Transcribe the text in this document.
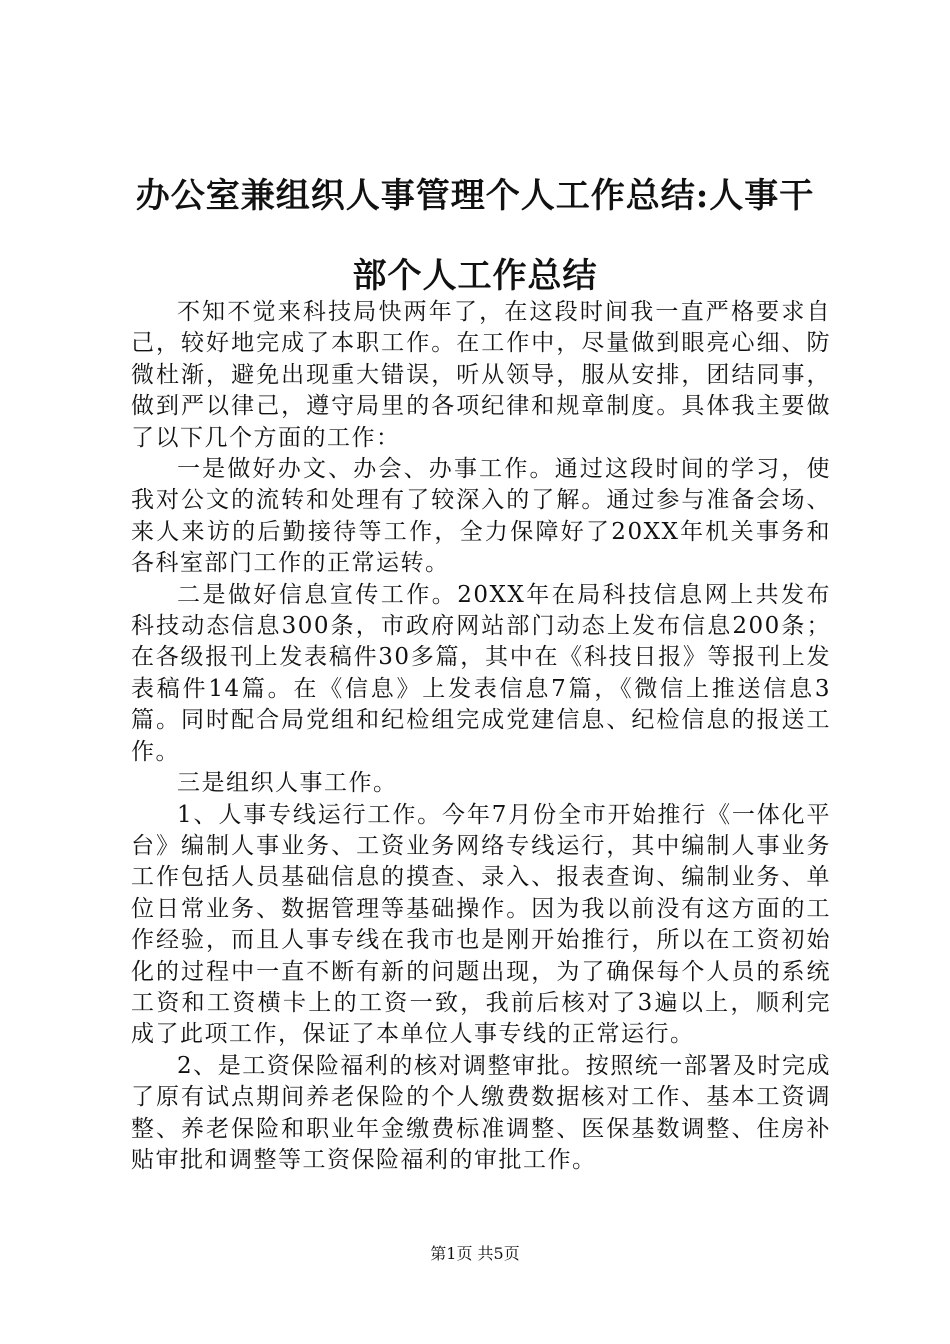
办公室兼组织人事管理个人工作总结:人事干部个人工作总结

不知不觉来科技局快两年了，在这段时间我一直严格要求自己，较好地完成了本职工作。在工作中，尽量做到眼亮心细、防微杜渐，避免出现重大错误，听从领导，服从安排，团结同事，做到严以律己，遵守局里的各项纪律和规章制度。具体我主要做了以下几个方面的工作：

一是做好办文、办会、办事工作。通过这段时间的学习，使我对公文的流转和处理有了较深入的了解。通过参与准备会场、来人来访的后勤接待等工作，全力保障好了20XX年机关事务和各科室部门工作的正常运转。

二是做好信息宣传工作。20XX年在局科技信息网上共发布科技动态信息300条，市政府网站部门动态上发布信息200条；在各级报刊上发表稿件30多篇，其中在《科技日报》等报刊上发表稿件14篇。在《信息》上发表信息7篇，《微信上推送信息3篇。同时配合局党组和纪检组完成党建信息、纪检信息的报送工作。

三是组织人事工作。

1、人事专线运行工作。今年7月份全市开始推行《一体化平台》编制人事业务、工资业务网络专线运行，其中编制人事业务工作包括人员基础信息的摸查、录入、报表查询、编制业务、单位日常业务、数据管理等基础操作。因为我以前没有这方面的工作经验，而且人事专线在我市也是刚开始推行，所以在工资初始化的过程中一直不断有新的问题出现，为了确保每个人员的系统工资和工资横卡上的工资一致，我前后核对了3遍以上，顺利完成了此项工作，保证了本单位人事专线的正常运行。

2、是工资保险福利的核对调整审批。按照统一部署及时完成了原有试点期间养老保险的个人缴费数据核对工作、基本工资调整、养老保险和职业年金缴费标准调整、医保基数调整、住房补贴审批和调整等工资保险福利的审批工作。

第1页 共5页
